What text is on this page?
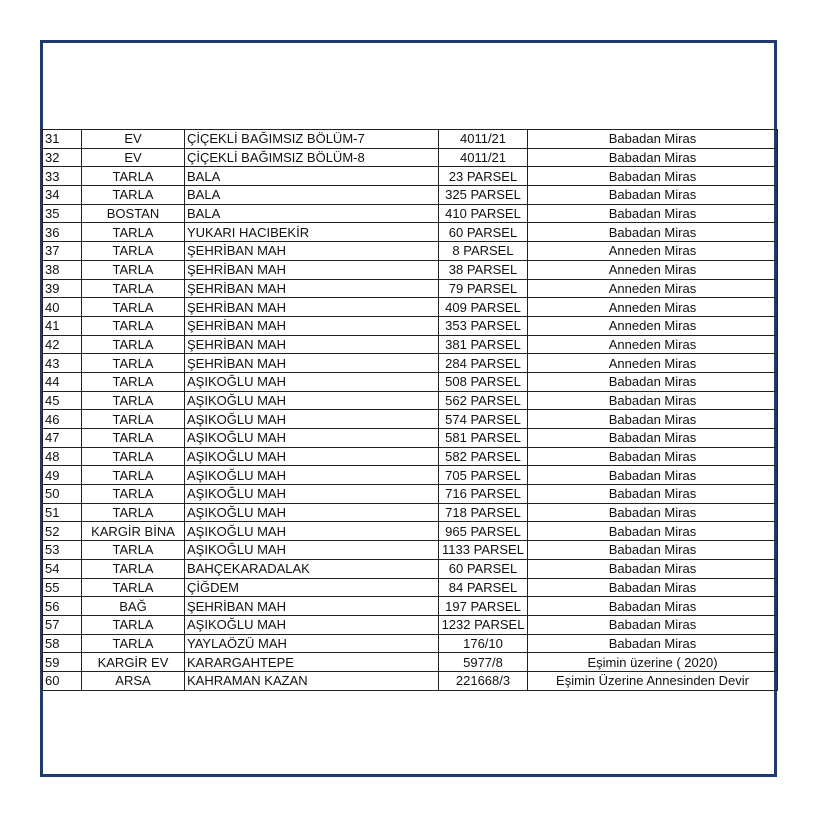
31	EV	ÇİÇEKLİ BAĞIMSIZ BÖLÜM-7	4011/21	Babadan Miras
32	EV	ÇİÇEKLİ BAĞIMSIZ BÖLÜM-8	4011/21	Babadan Miras
33	TARLA	BALA	23 PARSEL	Babadan Miras
34	TARLA	BALA	325 PARSEL	Babadan Miras
35	BOSTAN	BALA	410 PARSEL	Babadan Miras
36	TARLA	YUKARI HACIBEKİR	60 PARSEL	Babadan Miras
37	TARLA	ŞEHRİBAN MAH	8 PARSEL	Anneden Miras
38	TARLA	ŞEHRİBAN MAH	38 PARSEL	Anneden Miras
39	TARLA	ŞEHRİBAN MAH	79 PARSEL	Anneden Miras
40	TARLA	ŞEHRİBAN MAH	409 PARSEL	Anneden Miras
41	TARLA	ŞEHRİBAN MAH	353 PARSEL	Anneden Miras
42	TARLA	ŞEHRİBAN MAH	381 PARSEL	Anneden Miras
43	TARLA	ŞEHRİBAN MAH	284 PARSEL	Anneden Miras
44	TARLA	AŞIKOĞLU MAH	508 PARSEL	Babadan Miras
45	TARLA	AŞIKOĞLU MAH	562 PARSEL	Babadan Miras
46	TARLA	AŞIKOĞLU MAH	574 PARSEL	Babadan Miras
47	TARLA	AŞIKOĞLU MAH	581 PARSEL	Babadan Miras
48	TARLA	AŞIKOĞLU MAH	582 PARSEL	Babadan Miras
49	TARLA	AŞIKOĞLU MAH	705 PARSEL	Babadan Miras
50	TARLA	AŞIKOĞLU MAH	716 PARSEL	Babadan Miras
51	TARLA	AŞIKOĞLU MAH	718 PARSEL	Babadan Miras
52	KARGİR BİNA	AŞIKOĞLU MAH	965 PARSEL	Babadan Miras
53	TARLA	AŞIKOĞLU MAH	1133 PARSEL	Babadan Miras
54	TARLA	BAHÇEKARADALAK	60 PARSEL	Babadan Miras
55	TARLA	ÇİĞDEM	84 PARSEL	Babadan Miras
56	BAĞ	ŞEHRİBAN MAH	197 PARSEL	Babadan Miras
57	TARLA	AŞIKOĞLU MAH	1232 PARSEL	Babadan Miras
58	TARLA	YAYLAÖZÜ MAH	176/10	Babadan Miras
59	KARGİR EV	KARARGAHTEPE	5977/8	Eşimin üzerine ( 2020)
60	ARSA	KAHRAMAN KAZAN	221668/3	Eşimin Üzerine Annesinden Devir
